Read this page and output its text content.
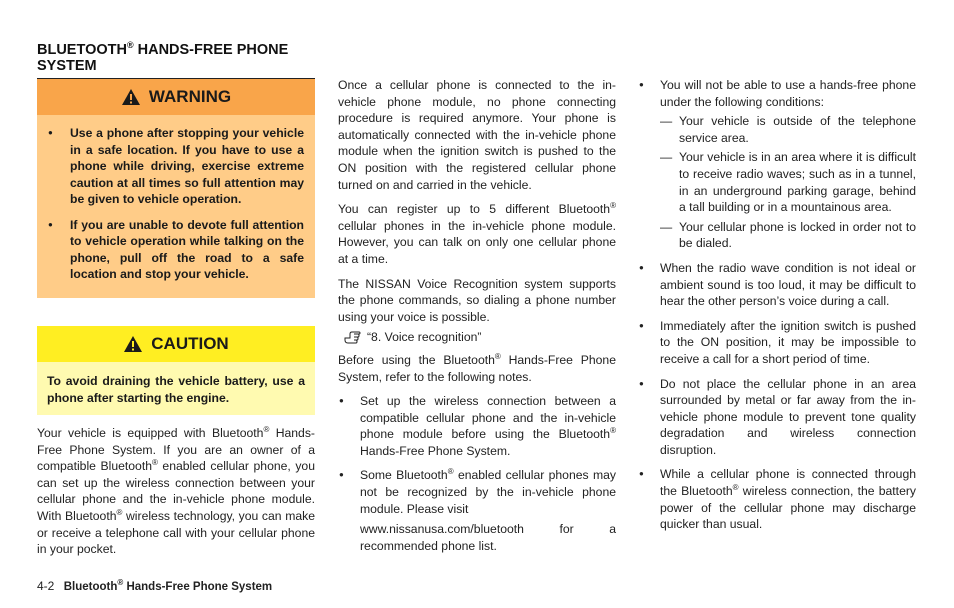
BLUETOOTH® HANDS-FREE PHONE
SYSTEM
WARNING
● Use a phone after stopping your vehicle in a safe location. If you have to use a phone while driving, exercise extreme caution at all times so full attention may be given to vehicle operation.
● If you are unable to devote full attention to vehicle operation while talking on the phone, pull off the road to a safe location and stop your vehicle.
CAUTION
To avoid draining the vehicle battery, use a phone after starting the engine.

Your vehicle is equipped with Bluetooth® Hands-Free Phone System. If you are an owner of a compatible Bluetooth® enabled cellular phone, you can set up the wireless connection between your cellular phone and the in-vehicle phone module. With Bluetooth® wireless technology, you can make or receive a telephone call with your cellular phone in your pocket.

Once a cellular phone is connected to the in-vehicle phone module, no phone connecting procedure is required anymore. Your phone is automatically connected with the in-vehicle phone module when the ignition switch is pushed to the ON position with the registered cellular phone turned on and carried in the vehicle.

You can register up to 5 different Bluetooth® cellular phones in the in-vehicle phone module. However, you can talk on only one cellular phone at a time.

The NISSAN Voice Recognition system supports the phone commands, so dialing a phone number using your voice is possible.

“8. Voice recognition”

Before using the Bluetooth® Hands-Free Phone System, refer to the following notes.

● Set up the wireless connection between a compatible cellular phone and the in-vehicle phone module before using the Bluetooth® Hands-Free Phone System.
● Some Bluetooth® enabled cellular phones may not be recognized by the in-vehicle phone module. Please visit
www.nissanusa.com/bluetooth for a recommended phone list.
● You will not be able to use a hands-free phone under the following conditions:
— Your vehicle is outside of the telephone service area.
— Your vehicle is in an area where it is difficult to receive radio waves; such as in a tunnel, in an underground parking garage, behind a tall building or in a mountainous area.
— Your cellular phone is locked in order not to be dialed.
● When the radio wave condition is not ideal or ambient sound is too loud, it may be difficult to hear the other person’s voice during a call.
● Immediately after the ignition switch is pushed to the ON position, it may be impossible to receive a call for a short period of time.
● Do not place the cellular phone in an area surrounded by metal or far away from the in-vehicle phone module to prevent tone quality degradation and wireless connection disruption.
● While a cellular phone is connected through the Bluetooth® wireless connection, the battery power of the cellular phone may discharge quicker than usual.
4-2 Bluetooth® Hands-Free Phone System
